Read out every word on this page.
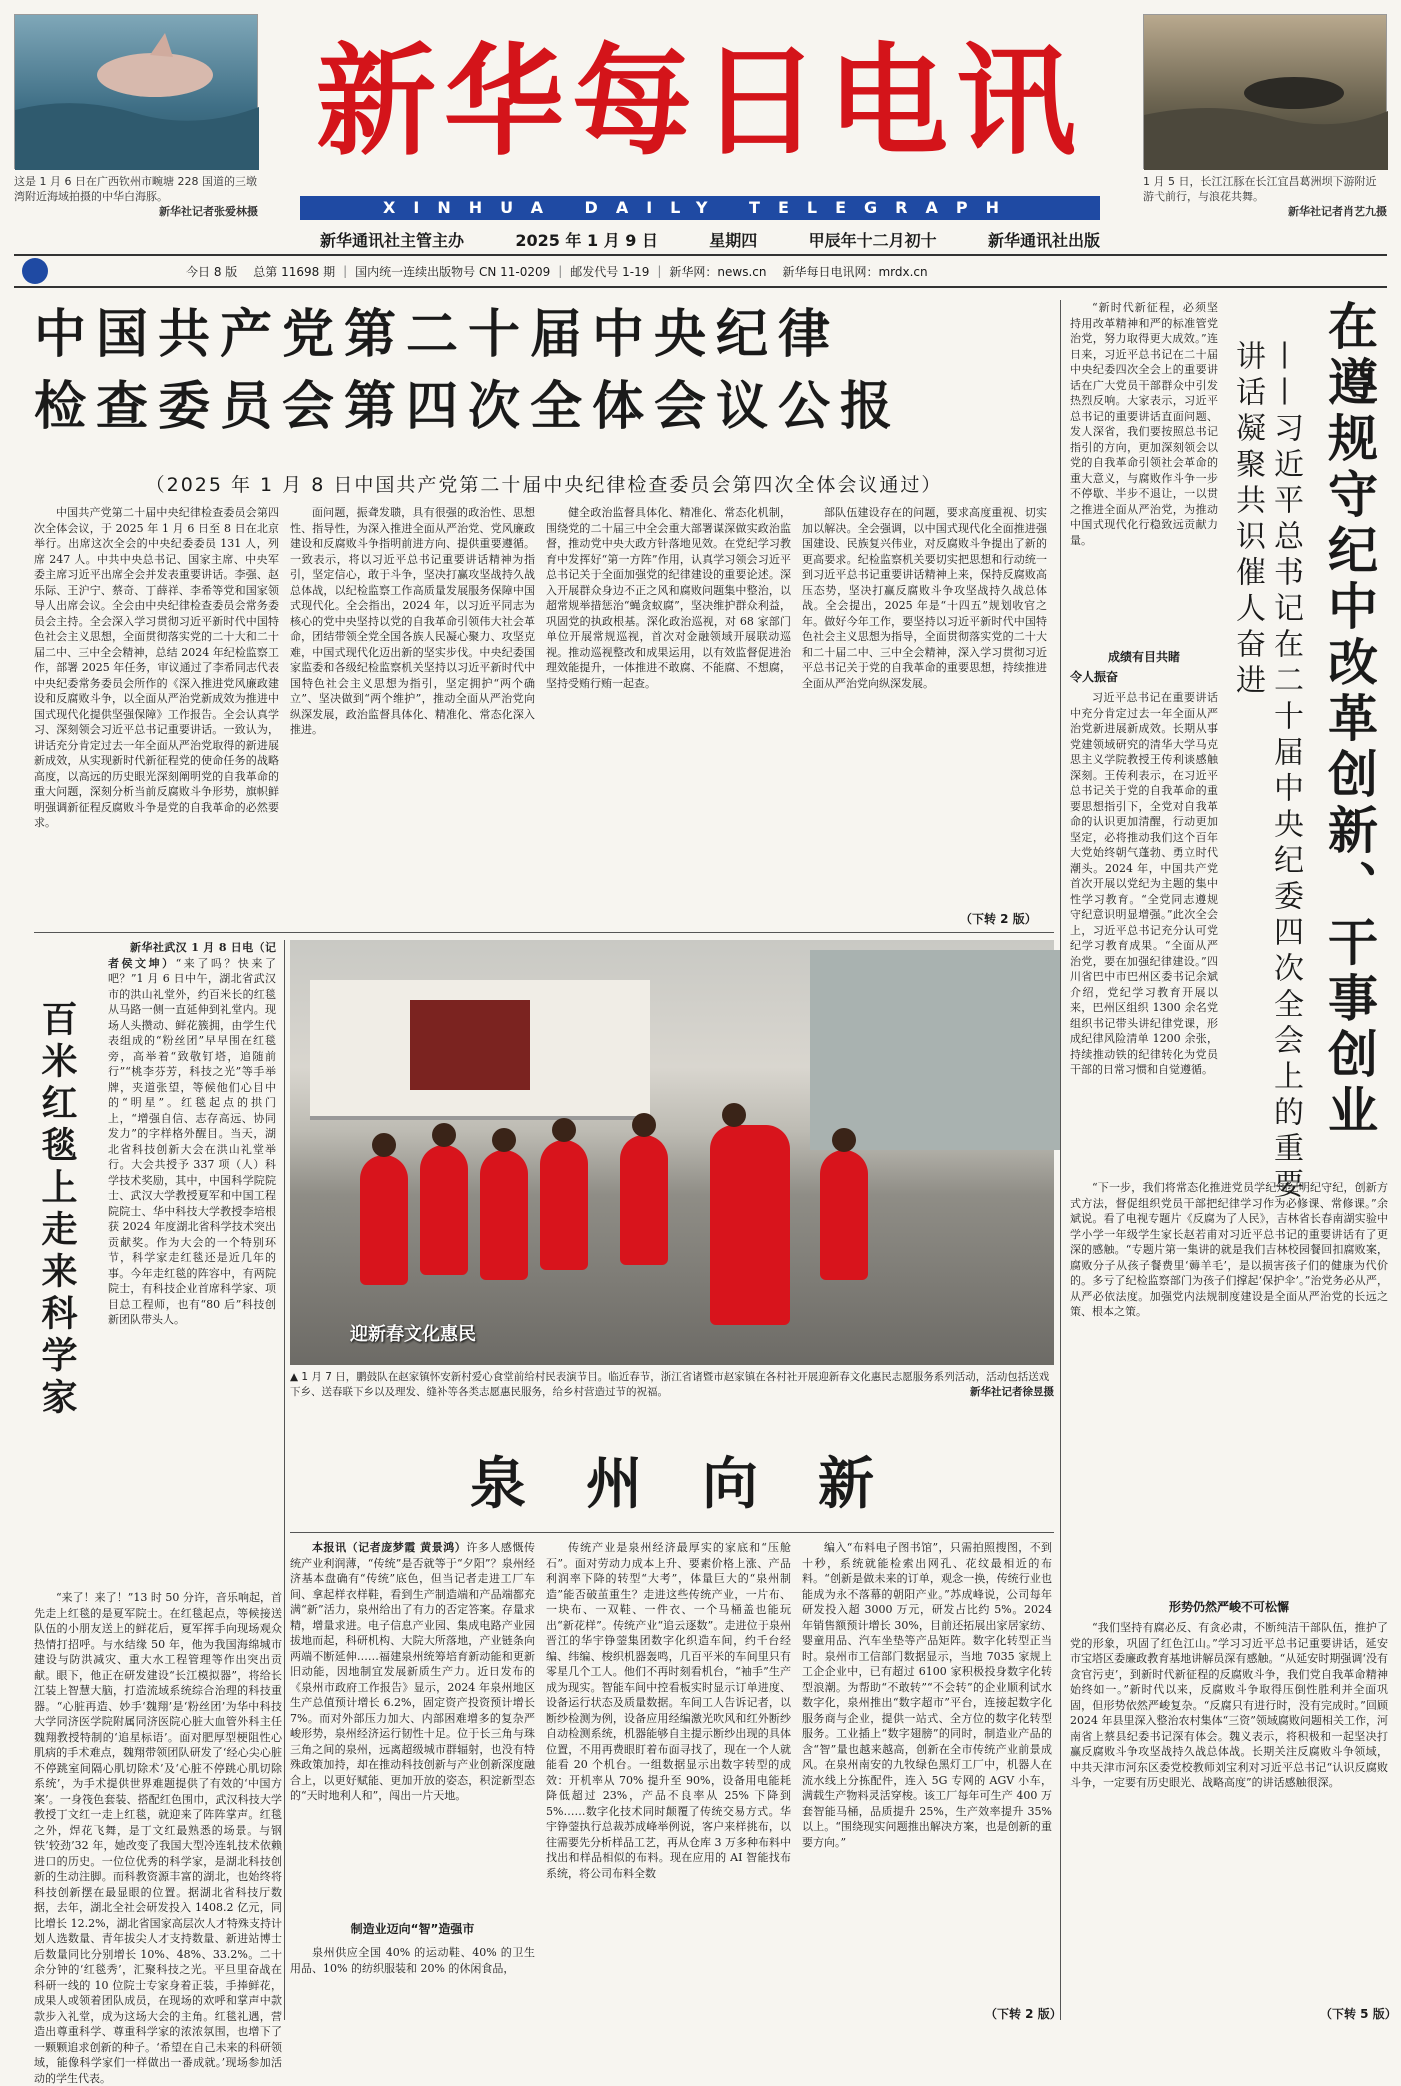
这是 1 月 6 日在广西钦州市畹塘 228 国道的三墩湾附近海域拍摄的中华白海豚。
新华社记者张爱林摄
1 月 5 日，长江江豚在长江宜昌葛洲坝下游附近游弋前行，与浪花共舞。
新华社记者肖艺九摄
新华每日电讯
XINHUA DAILY TELEGRAPH
新华通讯社主管主办	2025 年 1 月 9 日	星期四	甲辰年十二月初十	新华通讯社出版
今日 8 版	总第 11698 期 | 国内统一连续出版物号 CN 11-0209 | 邮发代号 1-19 | 新华网：news.cn	新华每日电讯网：mrdx.cn
中国共产党第二十届中央纪律
检查委员会第四次全体会议公报
（2025 年 1 月 8 日中国共产党第二十届中央纪律检查委员会第四次全体会议通过）

中国共产党第二十届中央纪律检查委员会第四次全体会议，于 2025 年 1 月 6 日至 8 日在北京举行。出席这次全会的中央纪委委员 131 人，列席 247 人。中共中央总书记、国家主席、中央军委主席习近平出席全会并发表重要讲话。李强、赵乐际、王沪宁、蔡奇、丁薛祥、李希等党和国家领导人出席会议。全会由中央纪律检查委员会常务委员会主持。全会深入学习贯彻习近平新时代中国特色社会主义思想，全面贯彻落实党的二十大和二十届二中、三中全会精神，总结 2024 年纪检监察工作，部署 2025 年任务，审议通过了李希同志代表中央纪委常务委员会所作的《深入推进党风廉政建设和反腐败斗争，以全面从严治党新成效为推进中国式现代化提供坚强保障》工作报告。全会认真学习、深刻领会习近平总书记重要讲话。一致认为，讲话充分肯定过去一年全面从严治党取得的新进展新成效，从实现新时代新征程党的使命任务的战略高度，以高远的历史眼光深刻阐明党的自我革命的重大问题，深刻分析当前反腐败斗争形势，旗帜鲜明强调新征程反腐败斗争是党的自我革命的必然要求。

面问题，振聋发聩，具有很强的政治性、思想性、指导性，为深入推进全面从严治党、党风廉政建设和反腐败斗争指明前进方向、提供重要遵循。一致表示，将以习近平总书记重要讲话精神为指引，坚定信心，敢于斗争，坚决打赢攻坚战持久战总体战，以纪检监察工作高质量发展服务保障中国式现代化。全会指出，2024 年，以习近平同志为核心的党中央坚持以党的自我革命引领伟大社会革命，团结带领全党全国各族人民凝心聚力、攻坚克难，中国式现代化迈出新的坚实步伐。中央纪委国家监委和各级纪检监察机关坚持以习近平新时代中国特色社会主义思想为指引，坚定拥护“两个确立”、坚决做到“两个维护”，推动全面从严治党向纵深发展，政治监督具体化、精准化、常态化深入推进。

健全政治监督具体化、精准化、常态化机制，围绕党的二十届三中全会重大部署谋深做实政治监督，推动党中央大政方针落地见效。在党纪学习教育中发挥好“第一方阵”作用，认真学习领会习近平总书记关于全面加强党的纪律建设的重要论述。深入开展群众身边不正之风和腐败问题集中整治，以超常规举措惩治“蝇贪蚁腐”，坚决维护群众利益，巩固党的执政根基。深化政治巡视，对 68 家部门单位开展常规巡视，首次对金融领域开展联动巡视。推动巡视整改和成果运用，以有效监督促进治理效能提升，一体推进不敢腐、不能腐、不想腐，坚持受贿行贿一起查。

部队伍建设存在的问题，要求高度重视、切实加以解决。全会强调，以中国式现代化全面推进强国建设、民族复兴伟业，对反腐败斗争提出了新的更高要求。纪检监察机关要切实把思想和行动统一到习近平总书记重要讲话精神上来，保持反腐败高压态势，坚决打赢反腐败斗争攻坚战持久战总体战。全会提出，2025 年是“十四五”规划收官之年。做好今年工作，要坚持以习近平新时代中国特色社会主义思想为指导，全面贯彻落实党的二十大和二十届二中、三中全会精神，深入学习贯彻习近平总书记关于党的自我革命的重要思想，持续推进全面从严治党向纵深发展。

（下转 2 版）

“新时代新征程，必须坚持用改革精神和严的标准管党治党，努力取得更大成效。”连日来，习近平总书记在二十届中央纪委四次全会上的重要讲话在广大党员干部群众中引发热烈反响。大家表示，习近平总书记的重要讲话直面问题、发人深省，我们要按照总书记指引的方向，更加深刻领会以党的自我革命引领社会革命的重大意义，与腐败作斗争一步不停歇、半步不退让，一以贯之推进全面从严治党，为推动中国式现代化行稳致远贡献力量。

成绩有目共睹
令人振奋

习近平总书记在重要讲话中充分肯定过去一年全面从严治党新进展新成效。长期从事党建领域研究的清华大学马克思主义学院教授王传利谈感触深刻。王传利表示，在习近平总书记关于党的自我革命的重要思想指引下，全党对自我革命的认识更加清醒，行动更加坚定，必将推动我们这个百年大党始终朝气蓬勃、勇立时代潮头。2024 年，中国共产党首次开展以党纪为主题的集中性学习教育。“全党同志遵规守纪意识明显增强。”此次全会上，习近平总书记充分认可党纪学习教育成果。“全面从严治党，要在加强纪律建设。”四川省巴中市巴州区委书记余斌介绍，党纪学习教育开展以来，巴州区组织 1300 余名党组织书记带头讲纪律党课，形成纪律风险清单 1200 余张，持续推动铁的纪律转化为党员干部的日常习惯和自觉遵循。 在遵规守纪中改革创新、干事创业
——习近平总书记在二十届中央纪委四次全会上的重要讲话凝聚共识催人奋进

“下一步，我们将常态化推进党员学纪知纪明纪守纪，创新方式方法，督促组织党员干部把纪律学习作为必修课、常修课。”余斌说。看了电视专题片《反腐为了人民》，吉林省长春南湖实验中学小学一年级学生家长赵若甫对习近平总书记的重要讲话有了更深的感触。“专题片第一集讲的就是我们吉林校园餐回扣腐败案，腐败分子从孩子餐费里‘薅羊毛’，是以损害孩子们的健康为代价的。多亏了纪检监察部门为孩子们撑起‘保护伞’。”治党务必从严，从严必依法度。加强党内法规制度建设是全面从严治党的长远之策、根本之策。

形势仍然严峻不可松懈

“我们坚持有腐必反、有贪必肃，不断纯洁干部队伍，推护了党的形象，巩固了红色江山。”学习习近平总书记重要讲话，延安市宝塔区委廉政教育基地讲解员深有感触。“从延安时期强调‘没有贪官污吏’，到新时代新征程的反腐败斗争，我们党自我革命精神始终如一。”新时代以来，反腐败斗争取得压倒性胜利并全面巩固，但形势依然严峻复杂。“反腐只有进行时，没有完成时。”回顾 2024 年县里深入整治农村集体“三资”领域腐败问题相关工作，河南省上蔡县纪委书记深有体会。魏义表示，将积极和一起坚决打赢反腐败斗争攻坚战持久战总体战。长期关注反腐败斗争领域，中共天津市河东区委党校教师刘宝利对习近平总书记“认识反腐败斗争，一定要有历史眼光、战略高度”的讲话感触很深。

（下转 5 版）
百米红毯上走来科学家

新华社武汉 1 月 8 日电（记者侯文坤）“来了吗？快来了吧？”1 月 6 日中午，湖北省武汉市的洪山礼堂外，约百米长的红毯从马路一侧一直延伸到礼堂内。现场人头攒动、鲜花簇拥，由学生代表组成的“粉丝团”早早围在红毯旁，高举着“致敬钉塔，追随前行”“桃李芬芳，科技之光”等手举牌，夹道张望，等候他们心目中的“明星”。红毯起点的拱门上，“增强自信、志存高远、协同发力”的字样格外醒目。当天，湖北省科技创新大会在洪山礼堂举行。大会共授予 337 项（人）科学技术奖励，其中，中国科学院院士、武汉大学教授夏军和中国工程院院士、华中科技大学教授李培根获 2024 年度湖北省科学技术突出贡献奖。作为大会的一个特别环节，科学家走红毯还是近几年的事。今年走红毯的阵容中，有两院院士，有科技企业首席科学家、项目总工程师，也有“80 后”科技创新团队带头人。

“来了！来了！”13 时 50 分许，音乐响起，首先走上红毯的是夏军院士。在红毯起点，等候接送队伍的小朋友送上的鲜花后，夏军挥手向现场观众热情打招呼。与水结缘 50 年，他为我国海绵城市建设与防洪减灾、重大水工程管理等作出突出贡献。眼下，他正在研发建设“长江模拟器”，将给长江装上智慧大脑，打造流域系统综合治理的科技重器。“心脏再造、妙手‘魏翔’是‘粉丝团’为华中科技大学同济医学院附属同济医院心脏大血管外科主任魏翔教授特制的‘追星标语’。面对肥厚型梗阻性心肌病的手术难点，魏翔带领团队研发了‘经心尖心脏不停跳室间隔心肌切除术’及‘心脏不停跳心肌切除系统’，为手术提供世界难题提供了有效的‘中国方案’。一身筏色套装、搭配红色围巾，武汉科技大学教授丁文红一走上红毯，就迎来了阵阵掌声。红毯之外，焊花飞舞，是丁文红最熟悉的场景。与钢铁‘较劲’32 年，她改变了我国大型冷连轧技术依赖进口的历史。一位位优秀的科学家，是湖北科技创新的生动注脚。而科教资源丰富的湖北，也始终将科技创新摆在最显眼的位置。据湖北省科技厅数据，去年，湖北全社会研发投入 1408.2 亿元，同比增长 12.2%，湖北省国家高层次人才特殊支持计划人选数量、青年拔尖人才支持数量、新进站博士后数量同比分别增长 10%、48%、33.2%。二十余分钟的‘红毯秀’，汇聚科技之光。平旦里奋战在科研一线的 10 位院士专家身着正装，手捧鲜花，成果人或领着团队成员，在现场的欢呼和掌声中款款步入礼堂，成为这场大会的主角。红毯礼遇，营造出尊重科学、尊重科学家的浓浓氛围，也增下了一颗颗追求创新的种子。‘希望在自己未来的科研领域，能像科学家们一样做出一番成就。’现场参加活动的学生代表。

迎新春文化惠民
▲ 1 月 7 日，鹏鼓队在赵家镇怀安新村爱心食堂前给村民表演节目。临近春节，浙江省诸暨市赵家镇在各村社开展迎新春文化惠民志愿服务系列活动，活动包括送戏下乡、送春联下乡以及理发、缝补等各类志愿惠民服务，给乡村营造过节的祝福。	新华社记者徐昱摄
泉州向新

本报讯（记者庞梦霞 黄景鸿）许多人感慨传统产业利润薄，“传统”是否就等于“夕阳”？泉州经济基本盘确有“传统”底色，但当记者走进工厂车间、拿起样衣样鞋，看到生产制造端和产品端都充满“新”活力，泉州给出了有力的否定答案。存量求精，增量求进。电子信息产业园、集成电路产业园拔地而起，科研机构、大院大所落地，产业链条向两端不断延伸……福建泉州统筹培育新动能和更新旧动能，因地制宜发展新质生产力。近日发布的《泉州市政府工作报告》显示，2024 年泉州地区生产总值预计增长 6.2%，固定资产投资预计增长 7%。而对外部压力加大、内部困难增多的复杂严峻形势，泉州经济运行韧性十足。位于长三角与珠三角之间的泉州，远离超级城市群辐射，也没有特殊政策加持，却在推动科技创新与产业创新深度融合上，以更好赋能、更加开放的姿态，积淀新型态的“天时地利人和”，闯出一片天地。

制造业迈向“智”造强市

泉州供应全国 40% 的运动鞋、40% 的卫生用品、10% 的纺织服装和 20% 的休闲食品，

传统产业是泉州经济最厚实的家底和“压舱石”。面对劳动力成本上升、要素价格上涨、产品利润率下降的转型“大考”，体量巨大的“泉州制造”能否破茧重生？走进这些传统产业，一片布、一块布、一双鞋、一件衣、一个马桶盖也能玩出“新花样”。传统产业“追云逐数”。走进位于泉州晋江的华宇铮蓥集团数字化织造车间，约千台经编、纬编、梭织机器轰鸣，几百平米的车间里只有零星几个工人。他们不再时刻看机台，“袖手”生产成为现实。智能车间中控看板实时显示订单进度、设备运行状态及质量数据。车间工人告诉记者，以断纱检测为例，设备应用经编激光吹风和红外断纱自动检测系统，机器能够自主提示断纱出现的具体位置，不用再费眼盯着布面寻找了，现在一个人就能看 20 个机台。一组数据显示出数字转型的成效：开机率从 70% 提升至 90%，设备用电能耗降低超过 23%，产品不良率从 25% 下降到 5%……数字化技术同时颠覆了传统交易方式。华宇铮蓥执行总裁苏成峰举例说，客户来样挑布，以往需要先分析样品工艺，再从仓库 3 万多种布料中找出和样品相似的布料。现在应用的 AI 智能找布系统，将公司布料全数

编入“布料电子图书馆”，只需拍照搜图，不到十秒，系统就能检索出网孔、花纹最相近的布料。“创新是做未来的订单，观念一换，传统行业也能成为永不落幕的朝阳产业。”苏成峰说，公司每年研发投入超 3000 万元，研发占比约 5%。2024 年销售额预计增长 30%，目前还拓展出家居家纺、婴童用品、汽车坐垫等产品矩阵。数字化转型正当时。泉州市工信部门数据显示，当地 7035 家规上工企企业中，已有超过 6100 家积极投身数字化转型浪潮。为帮助“不敢转”“不会转”的企业顺利试水数字化，泉州推出“数字超市”平台，连接起数字化服务商与企业，提供一站式、全方位的数字化转型服务。工业插上“数字翅膀”的同时，制造业产品的含“智”量也越来越高，创新在全市传统产业前景成风。在泉州南安的九牧绿色黑灯工厂中，机器人在流水线上分拣配件，连入 5G 专网的 AGV 小车，满载生产物料灵活穿梭。该工厂每年可生产 400 万套智能马桶，品质提升 25%，生产效率提升 35% 以上。“围绕现实问题推出解决方案，也是创新的重要方向。”

（下转 2 版）
